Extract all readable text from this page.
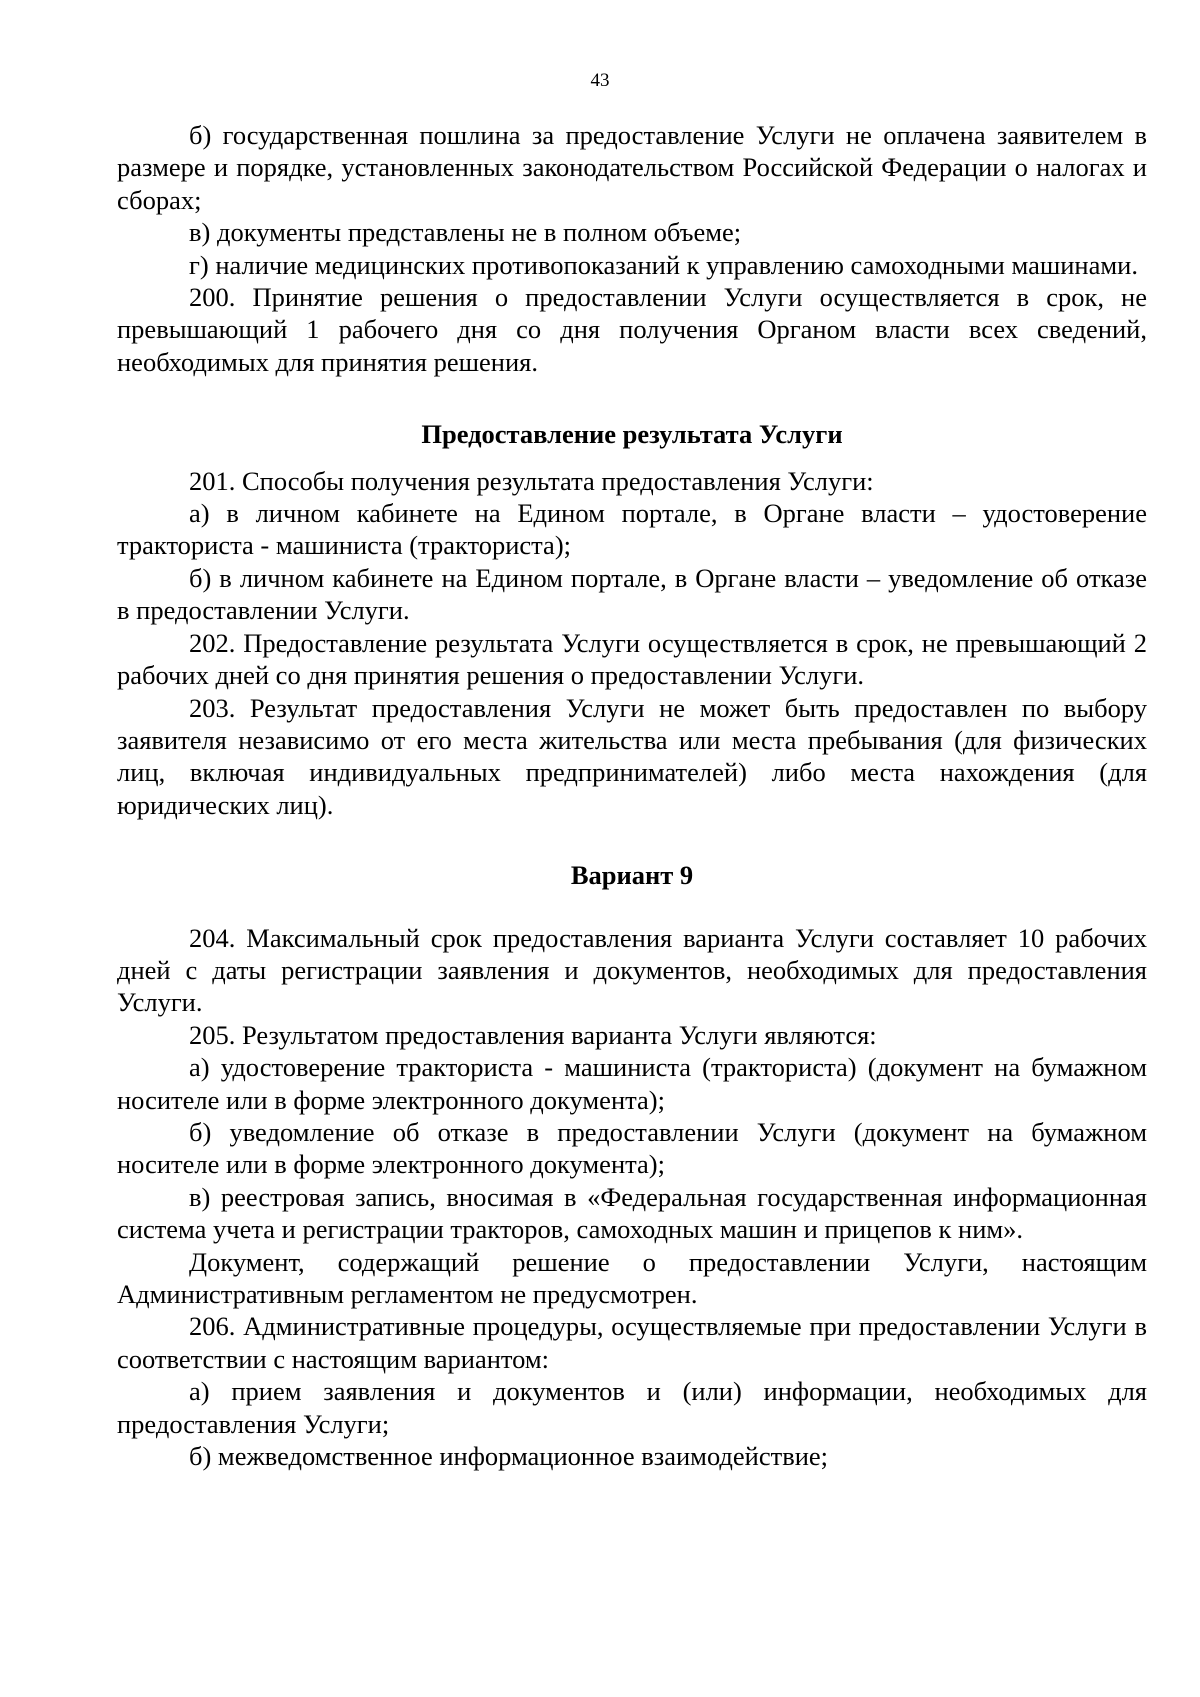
43

б) государственная пошлина за предоставление Услуги не оплачена заявителем в размере и порядке, установленных законодательством Российской Федерации о налогах и сборах;

в) документы представлены не в полном объеме;

г) наличие медицинских противопоказаний к управлению самоходными машинами.

200. Принятие решения о предоставлении Услуги осуществляется в срок, не превышающий 1 рабочего дня со дня получения Органом власти всех сведений, необходимых для принятия решения.

Предоставление результата Услуги

201. Способы получения результата предоставления Услуги:

а) в личном кабинете на Едином портале, в Органе власти – удостоверение тракториста - машиниста (тракториста);

б) в личном кабинете на Едином портале, в Органе власти – уведомление об отказе в предоставлении Услуги.

202. Предоставление результата Услуги осуществляется в срок, не превышающий 2 рабочих дней со дня принятия решения о предоставлении Услуги.

203. Результат предоставления Услуги не может быть предоставлен по выбору заявителя независимо от его места жительства или места пребывания (для физических лиц, включая индивидуальных предпринимателей) либо места нахождения (для юридических лиц).

Вариант 9

204. Максимальный срок предоставления варианта Услуги составляет 10 рабочих дней с даты регистрации заявления и документов, необходимых для предоставления Услуги.

205. Результатом предоставления варианта Услуги являются:

а) удостоверение тракториста - машиниста (тракториста) (документ на бумажном носителе или в форме электронного документа);

б) уведомление об отказе в предоставлении Услуги (документ на бумажном носителе или в форме электронного документа);

в) реестровая запись, вносимая в «Федеральная государственная информационная система учета и регистрации тракторов, самоходных машин и прицепов к ним».

Документ, содержащий решение о предоставлении Услуги, настоящим Административным регламентом не предусмотрен.

206. Административные процедуры, осуществляемые при предоставлении Услуги в соответствии с настоящим вариантом:

а) прием заявления и документов и (или) информации, необходимых для предоставления Услуги;

б) межведомственное информационное взаимодействие;
